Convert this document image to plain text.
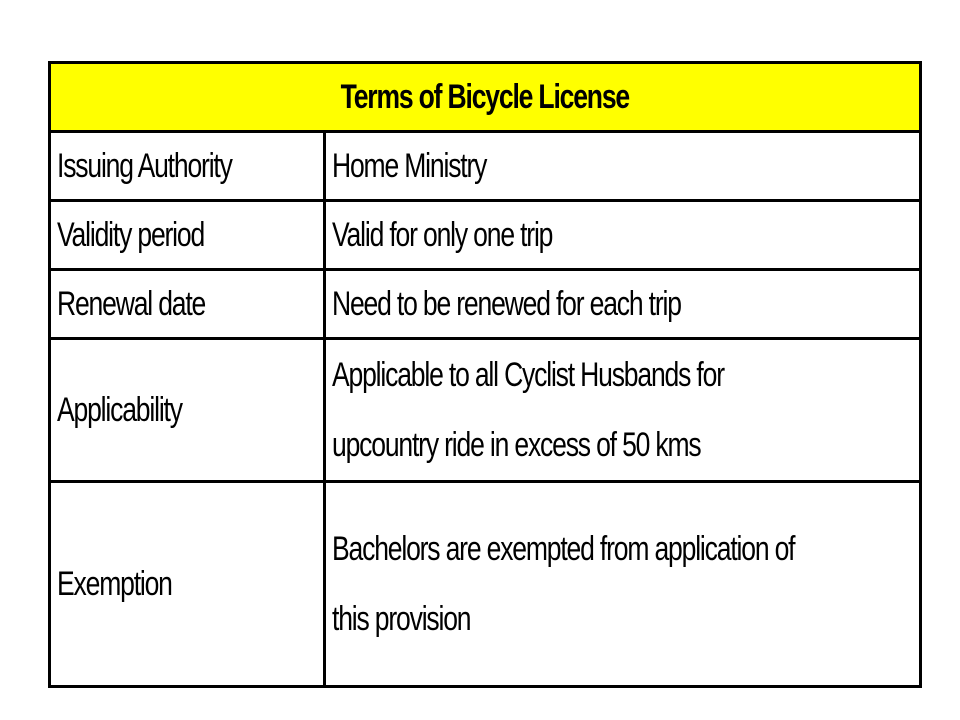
Terms of Bicycle License	
Issuing Authority	Home Ministry
Validity period	Valid for only one trip
Renewal date	Need to be renewed for each trip
Applicability	Applicable to all Cyclist Husbands for
upcountry ride in excess of 50 kms

Exemption	Bachelors are exempted from application of
this provision
